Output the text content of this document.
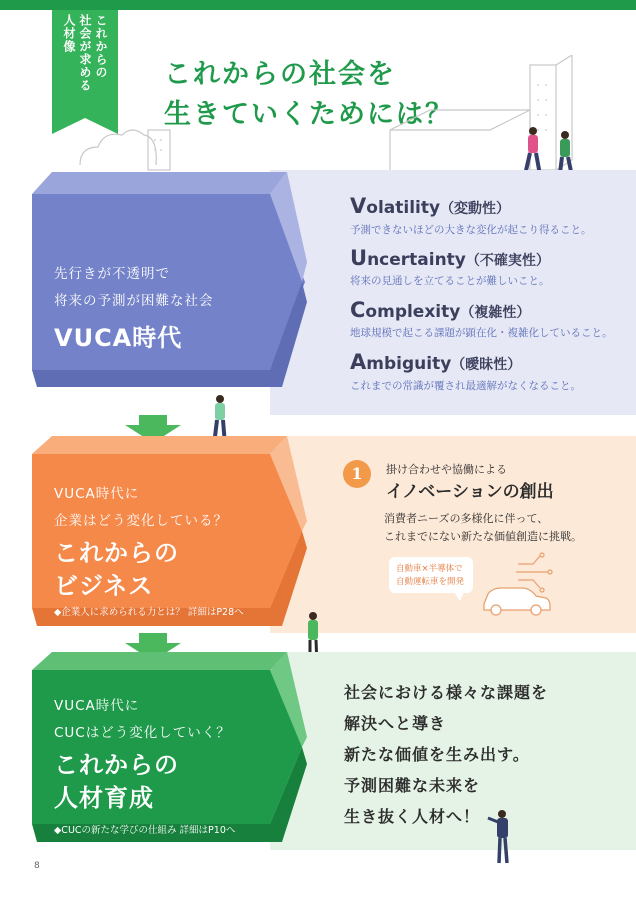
これからの
社会が求める
人材像
これからの社会を
生きていくためには？
先行きが不透明で
将来の予測が困難な社会
VUCA時代
Volatility（変動性）
予測できないほどの大きな変化が起こり得ること。
Uncertainty（不確実性）
将来の見通しを立てることが難しいこと。
Complexity（複雑性）
地球規模で起こる課題が顕在化・複雑化していること。
Ambiguity（曖昧性）
これまでの常識が覆され最適解がなくなること。
VUCA時代に
企業はどう変化している？
これからの
ビジネス
◆企業人に求められる力とは？ 詳細はP28へ
1	掛け合わせや協働による
イノベーションの創出
消費者ニーズの多様化に伴って、
これまでにない新たな価値創造に挑戦。
自動車×半導体で
自動運転車を開発
VUCA時代に
CUCはどう変化していく？
これからの
人材育成
◆CUCの新たな学びの仕組み 詳細はP10へ
社会における様々な課題を
解決へと導き
新たな価値を生み出す。
予測困難な未来を
生き抜く人材へ！
8
